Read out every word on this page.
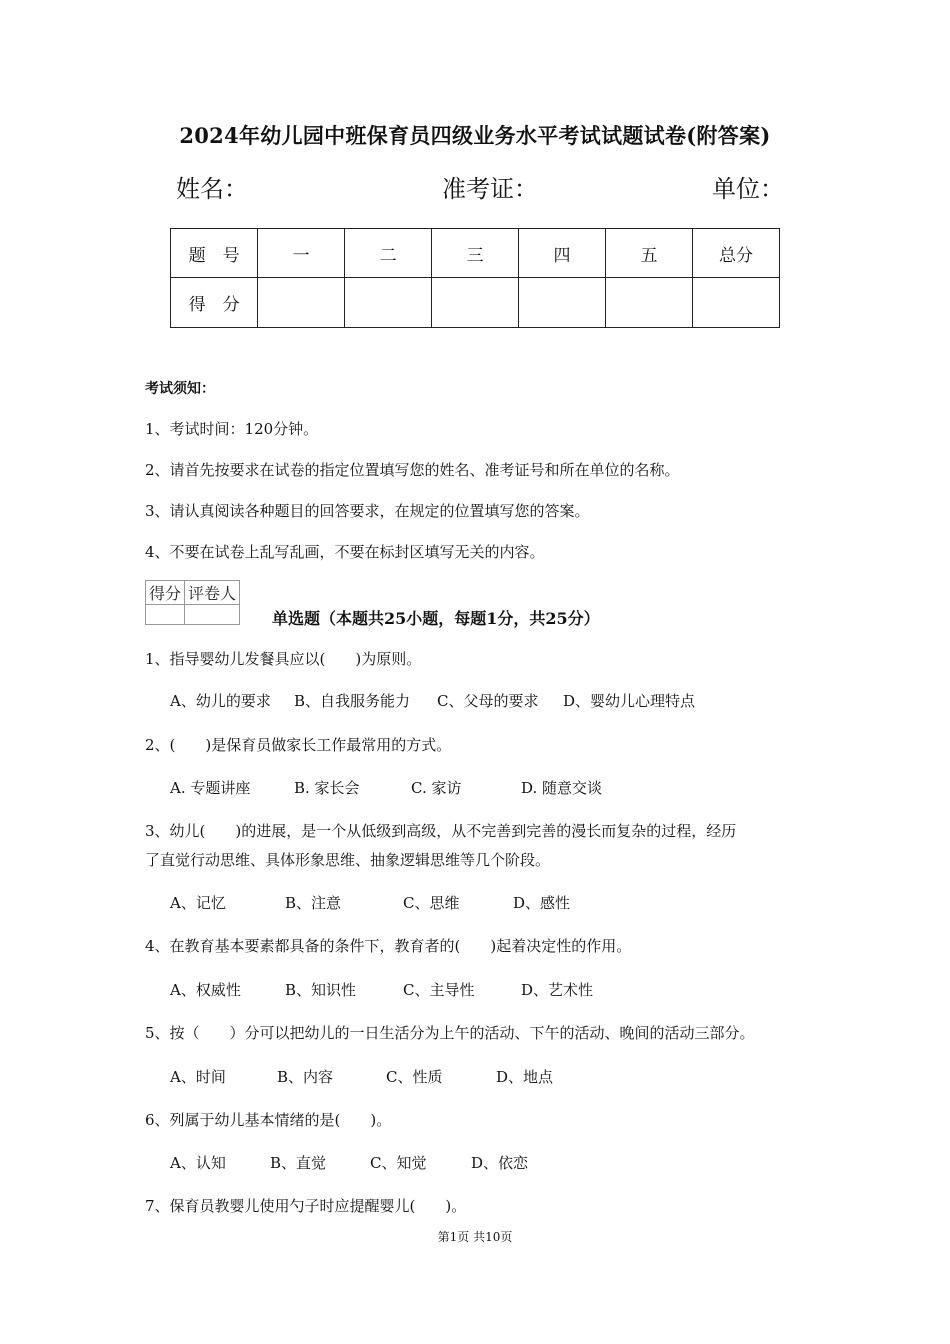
2024年幼儿园中班保育员四级业务水平考试试题试卷(附答案)
姓名：	准考证：	单位：
题　号	一	二	三	四	五	总分
得　分						
考试须知：
1、考试时间：120分钟。
2、请首先按要求在试卷的指定位置填写您的姓名、准考证号和所在单位的名称。
3、请认真阅读各种题目的回答要求，在规定的位置填写您的答案。
4、不要在试卷上乱写乱画，不要在标封区填写无关的内容。
得分	评卷人

单选题（本题共25小题，每题1分，共25分）
1、指导婴幼儿发餐具应以(　　)为原则。
A、幼儿的要求 B、自我服务能力 C、父母的要求 D、婴幼儿心理特点
2、(　　)是保育员做家长工作最常用的方式。
A. 专题讲座	B. 家长会	C. 家访	D. 随意交谈
3、幼儿(　　)的进展，是一个从低级到高级，从不完善到完善的漫长而复杂的过程，经历
了直觉行动思维、具体形象思维、抽象逻辑思维等几个阶段。
A、记忆	B、注意	C、思维	D、感性
4、在教育基本要素都具备的条件下，教育者的(　　)起着决定性的作用。
A、权威性	B、知识性	C、主导性	D、艺术性
5、按（　　）分可以把幼儿的一日生活分为上午的活动、下午的活动、晚间的活动三部分。
A、时间	B、内容	C、性质	D、地点
6、列属于幼儿基本情绪的是(　　)。
A、认知	B、直觉	C、知觉	D、依恋
7、保育员教婴儿使用勺子时应提醒婴儿(　　)。
第1页 共10页
